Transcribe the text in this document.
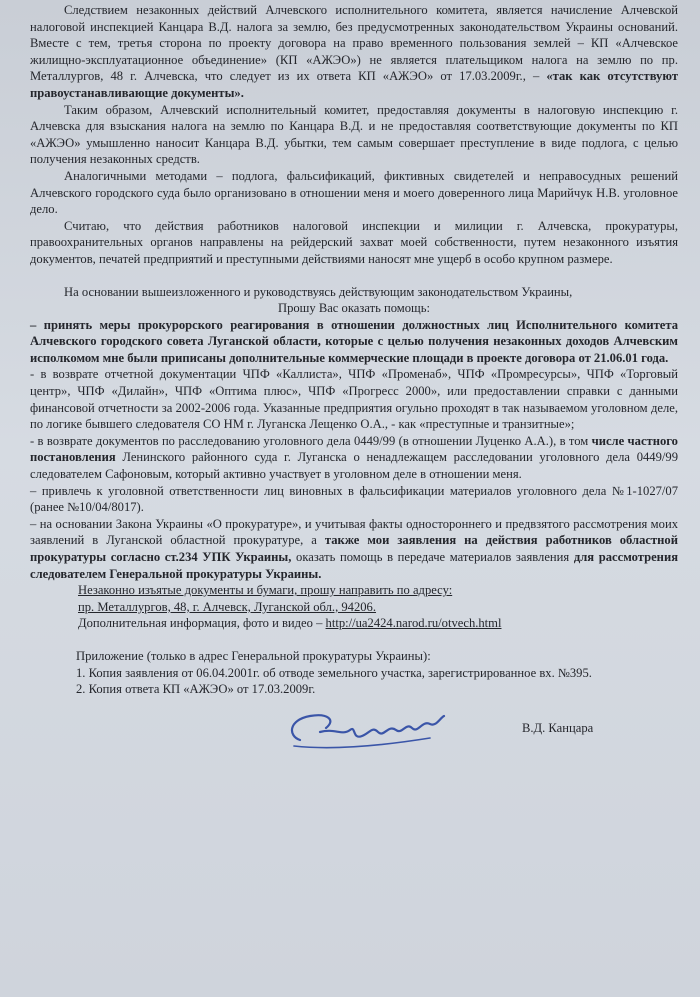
Следствием незаконных действий Алчевского исполнительного комитета, является начисление Алчевской налоговой инспекцией Канцара В.Д. налога за землю, без предусмотренных законодательством Украины оснований. Вместе с тем, третья сторона по проекту договора на право временного пользования землей – КП «Алчевское жилищно-эксплуатационное объединение» (КП «АЖЭО») не является плательщиком налога на землю по пр. Металлургов, 48 г. Алчевска, что следует из их ответа КП «АЖЭО» от 17.03.2009г., – «так как отсутствуют правоустанавливающие документы».

Таким образом, Алчевский исполнительный комитет, предоставляя документы в налоговую инспекцию г. Алчевска для взыскания налога на землю по Канцара В.Д. и не предоставляя соответствующие документы по КП «АЖЭО» умышленно наносит Канцара В.Д. убытки, тем самым совершает преступление в виде подлога, с целью получения незаконных средств.

Аналогичными методами – подлога, фальсификаций, фиктивных свидетелей и неправосудных решений Алчевского городского суда было организовано в отношении меня и моего доверенного лица Марийчук Н.В. уголовное дело.

Считаю, что действия работников налоговой инспекции и милиции г. Алчевска, прокуратуры, правоохранительных органов направлены на рейдерский захват моей собственности, путем незаконного изъятия документов, печатей предприятий и преступными действиями наносят мне ущерб в особо крупном размере.

На основании вышеизложенного и руководствуясь действующим законодательством Украины,

Прошу Вас оказать помощь:

– принять меры прокурорского реагирования в отношении должностных лиц Исполнительного комитета Алчевского городского совета Луганской области, которые с целью получения незаконных доходов Алчевским исполкомом мне были приписаны дополнительные коммерческие площади в проекте договора от 21.06.01 года.

- в возврате отчетной документации ЧПФ «Каллиста», ЧПФ «Променаб», ЧПФ «Промресурсы», ЧПФ «Торговый центр», ЧПФ «Дилайн», ЧПФ «Оптима плюс», ЧПФ «Прогресс 2000», или предоставлении справки с данными финансовой отчетности за 2002-2006 года. Указанные предприятия огульно проходят в так называемом уголовном деле, по логике бывшего следователя СО НМ г. Луганска Лещенко О.А., - как «преступные и транзитные»;

- в возврате документов по расследованию уголовного дела 0449/99 (в отношении Луценко А.А.), в том числе частного постановления Ленинского районного суда г. Луганска о ненадлежащем расследовании уголовного дела 0449/99 следователем Сафоновым, который активно участвует в уголовном деле в отношении меня.

– привлечь к уголовной ответственности лиц виновных в фальсификации материалов уголовного дела №1-1027/07 (ранее №10/04/8017).

– на основании Закона Украины «О прокуратуре», и учитывая факты одностороннего и предвзятого рассмотрения моих заявлений в Луганской областной прокуратуре, а также мои заявления на действия работников областной прокуратуры согласно ст.234 УПК Украины, оказать помощь в передаче материалов заявления для рассмотрения следователем Генеральной прокуратуры Украины.

Незаконно изъятые документы и бумаги, прошу направить по адресу:

пр. Металлургов, 48, г. Алчевск, Луганской обл., 94206.

Дополнительная информация, фото и видео – http://ua2424.narod.ru/otvech.html

Приложение (только в адрес Генеральной прокуратуры Украины):

1. Копия заявления от 06.04.2001г. об отводе земельного участка, зарегистрированное вх. №395.

2. Копия ответа КП «АЖЭО» от 17.03.2009г.

В.Д. Канцара
